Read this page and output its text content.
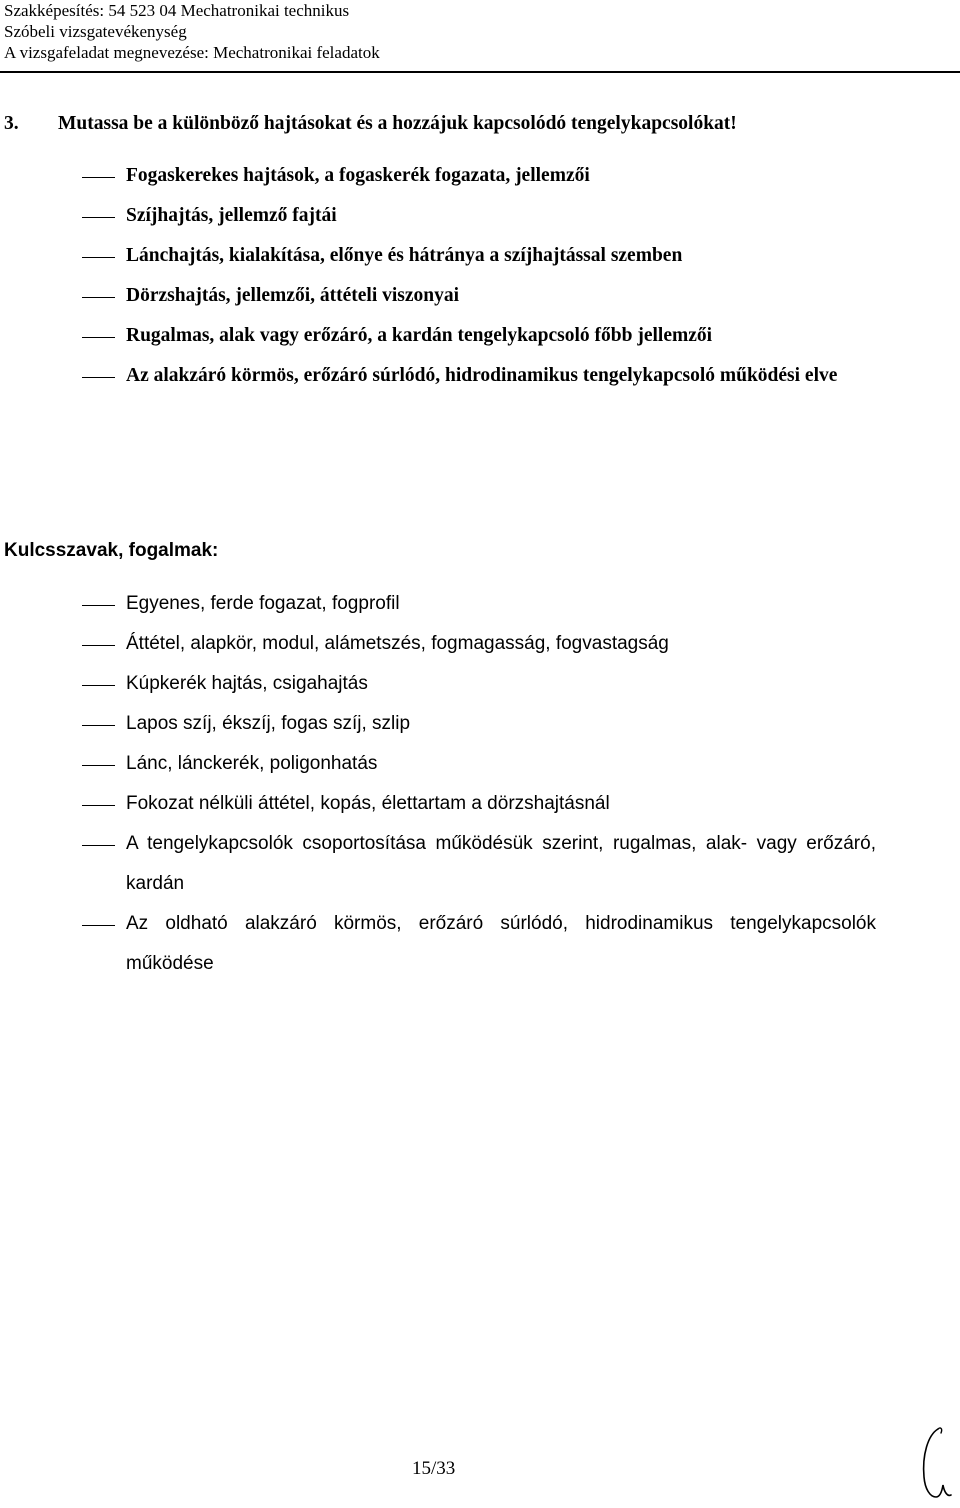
Szakképesítés: 54 523 04 Mechatronikai technikus
Szóbeli vizsgatevékenység
A vizsgafeladat megnevezése: Mechatronikai feladatok
3. Mutassa be a különböző hajtásokat és a hozzájuk kapcsolódó tengelykapcsolókat!
Fogaskerekes hajtások, a fogaskerék fogazata, jellemzői
Szíjhajtás, jellemző fajtái
Lánchajtás, kialakítása, előnye és hátránya a szíjhajtással szemben
Dörzshajtás, jellemzői, áttételi viszonyai
Rugalmas, alak vagy erőzáró, a kardán tengelykapcsoló főbb jellemzői
Az alakzáró körmös, erőzáró súrlódó, hidrodinamikus tengelykapcsoló működési elve
Kulcsszavak, fogalmak:
Egyenes, ferde fogazat, fogprofil
Áttétel, alapkör, modul, alámetszés, fogmagasság, fogvastagság
Kúpkerék hajtás, csigahajtás
Lapos szíj, ékszíj, fogas szíj, szlip
Lánc, lánckerék, poligonhatás
Fokozat nélküli áttétel, kopás, élettartam a dörzshajtásnál
A tengelykapcsolók csoportosítása működésük szerint, rugalmas, alak- vagy erőzáró, kardán
Az oldható alakzáró körmös, erőzáró súrlódó, hidrodinamikus tengelykapcsolók működése
15/33
